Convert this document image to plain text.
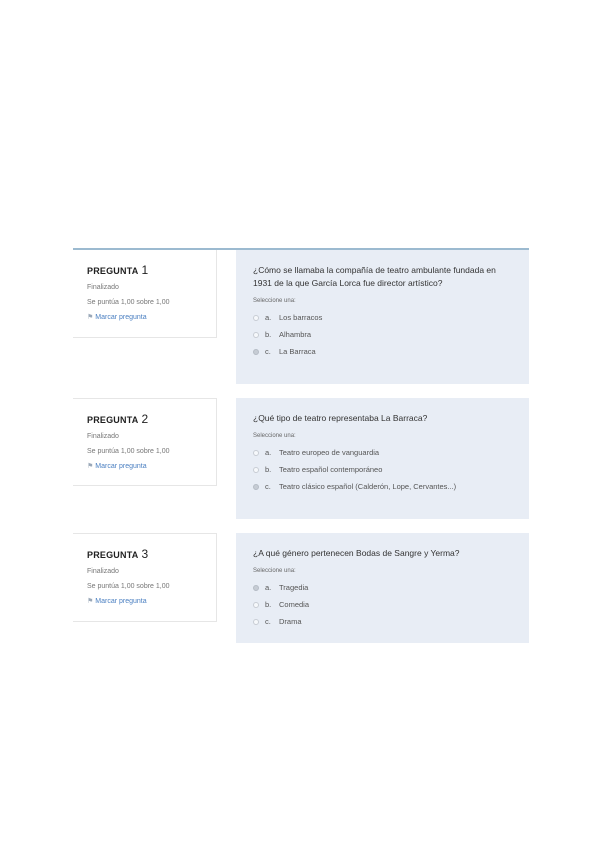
PREGUNTA 1
Finalizado
Se puntúa 1,00 sobre 1,00
⚑ Marcar pregunta
¿Cómo se llamaba la compañía de teatro ambulante fundada en 1931 de la que García Lorca fue director artístico?
Seleccione una:
a.	Los barracos
b.	Alhambra
c.	La Barraca
PREGUNTA 2
Finalizado
Se puntúa 1,00 sobre 1,00
⚑ Marcar pregunta
¿Qué tipo de teatro representaba La Barraca?
Seleccione una:
a.	Teatro europeo de vanguardia
b.	Teatro español contemporáneo
c.	Teatro clásico español (Calderón, Lope, Cervantes...)
PREGUNTA 3
Finalizado
Se puntúa 1,00 sobre 1,00
⚑ Marcar pregunta
¿A qué género pertenecen Bodas de Sangre y Yerma?
Seleccione una:
a.	Tragedia
b.	Comedia
c.	Drama
